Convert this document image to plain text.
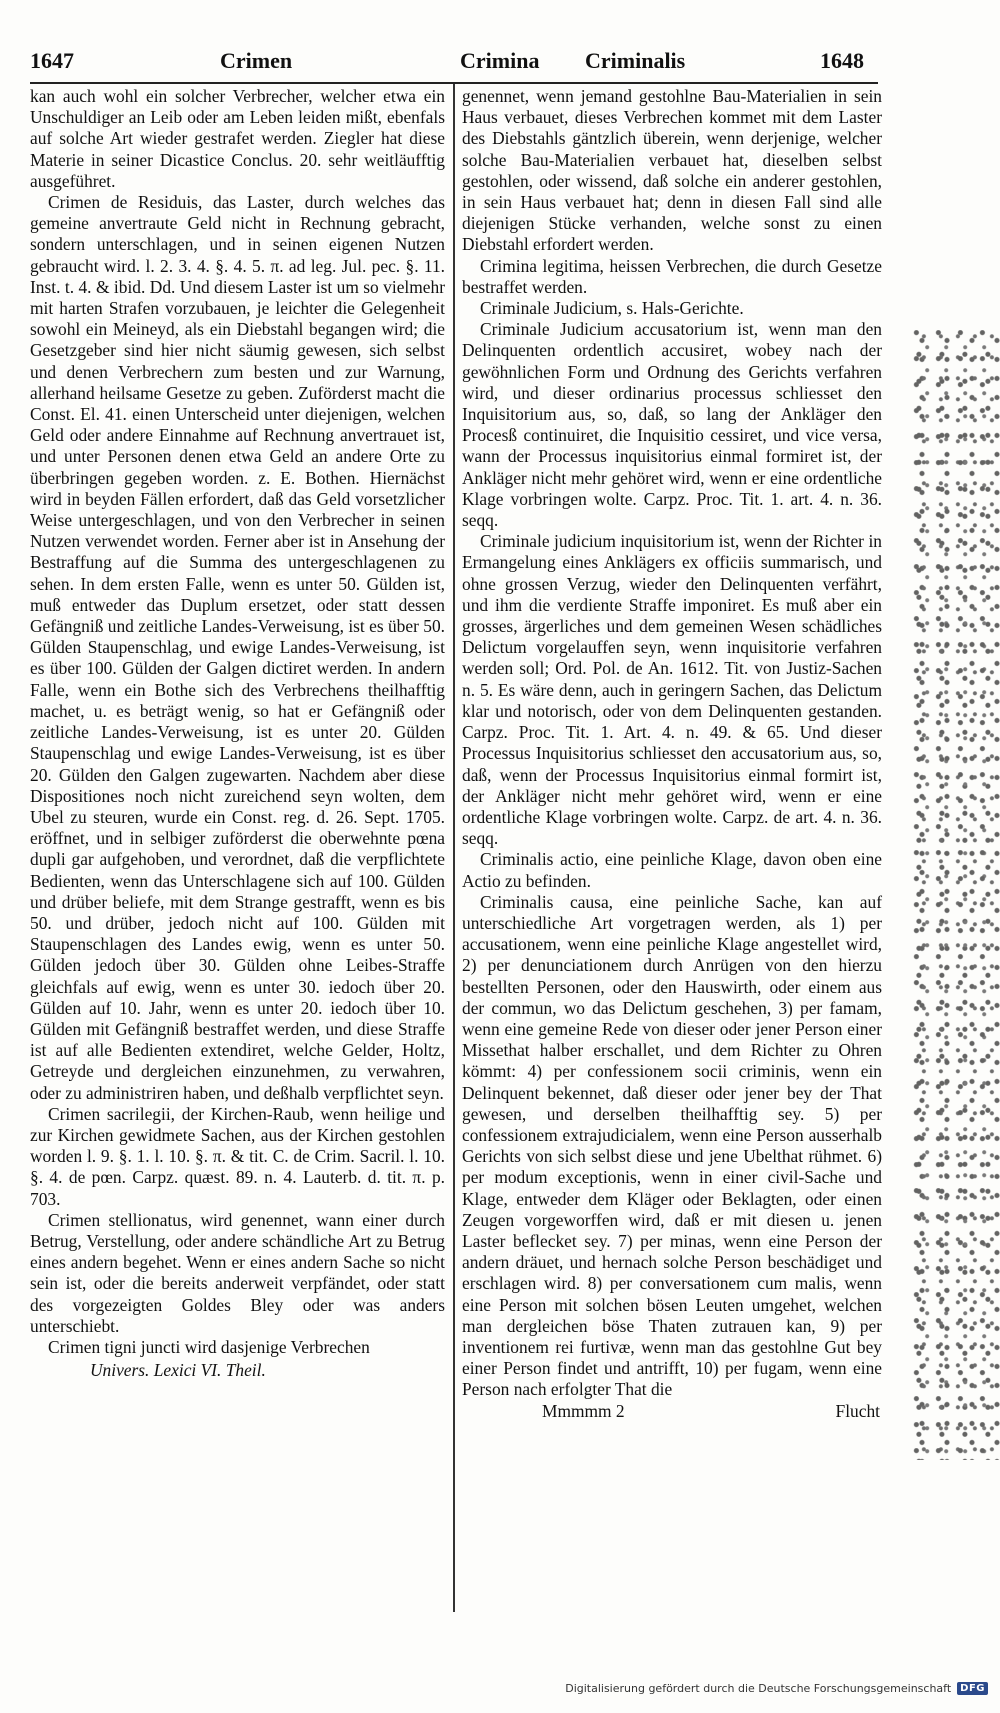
1647	Crimen	Crimina Criminalis	1648

kan auch wohl ein solcher Verbrecher, welcher etwa ein Unschuldiger an Leib oder am Leben leiden mißt, ebenfals auf solche Art wieder gestrafet werden. Ziegler hat diese Materie in seiner Dicastice Conclus. 20. sehr weitläufftig ausgeführet.

Crimen de Residuis, das Laster, durch welches das gemeine anvertraute Geld nicht in Rechnung gebracht, sondern unterschlagen, und in seinen eigenen Nutzen gebraucht wird. l. 2. 3. 4. §. 4. 5. π. ad leg. Jul. pec. §. 11. Inst. t. 4. & ibid. Dd. Und diesem Laster ist um so vielmehr mit harten Strafen vorzubauen, je leichter die Gelegenheit sowohl ein Meineyd, als ein Diebstahl begangen wird; die Gesetzgeber sind hier nicht säumig gewesen, sich selbst und denen Verbrechern zum besten und zur Warnung, allerhand heilsame Gesetze zu geben. Zuförderst macht die Const. El. 41. einen Unterscheid unter diejenigen, welchen Geld oder andere Einnahme auf Rechnung anvertrauet ist, und unter Personen denen etwa Geld an andere Orte zu überbringen gegeben worden. z. E. Bothen. Hiernächst wird in beyden Fällen erfordert, daß das Geld vorsetzlicher Weise untergeschlagen, und von den Verbrecher in seinen Nutzen verwendet worden. Ferner aber ist in Ansehung der Bestraffung auf die Summa des untergeschlagenen zu sehen. In dem ersten Falle, wenn es unter 50. Gülden ist, muß entweder das Duplum ersetzet, oder statt dessen Gefängniß und zeitliche Landes-Verweisung, ist es über 50. Gülden Staupenschlag, und ewige Landes-Verweisung, ist es über 100. Gülden der Galgen dictiret werden. In andern Falle, wenn ein Bothe sich des Verbrechens theilhafftig machet, u. es beträgt wenig, so hat er Gefängniß oder zeitliche Landes-Verweisung, ist es unter 20. Gülden Staupenschlag und ewige Landes-Verweisung, ist es über 20. Gülden den Galgen zugewarten. Nachdem aber diese Dispositiones noch nicht zureichend seyn wolten, dem Ubel zu steuren, wurde ein Const. reg. d. 26. Sept. 1705. eröffnet, und in selbiger zuförderst die oberwehnte pœna dupli gar aufgehoben, und verordnet, daß die verpflichtete Bedienten, wenn das Unterschlagene sich auf 100. Gülden und drüber beliefe, mit dem Strange gestrafft, wenn es bis 50. und drüber, jedoch nicht auf 100. Gülden mit Staupenschlagen des Landes ewig, wenn es unter 50. Gülden jedoch über 30. Gülden ohne Leibes-Straffe gleichfals auf ewig, wenn es unter 30. iedoch über 20. Gülden auf 10. Jahr, wenn es unter 20. iedoch über 10. Gülden mit Gefängniß bestraffet werden, und diese Straffe ist auf alle Bedienten extendiret, welche Gelder, Holtz, Getreyde und dergleichen einzunehmen, zu verwahren, oder zu administriren haben, und deßhalb verpflichtet seyn.

Crimen sacrilegii, der Kirchen-Raub, wenn heilige und zur Kirchen gewidmete Sachen, aus der Kirchen gestohlen worden l. 9. §. 1. l. 10. §. π. & tit. C. de Crim. Sacril. l. 10. §. 4. de pœn. Carpz. quæst. 89. n. 4. Lauterb. d. tit. π. p. 703.

Crimen stellionatus, wird genennet, wann einer durch Betrug, Verstellung, oder andere schändliche Art zu Betrug eines andern begehet. Wenn er eines andern Sache so nicht sein ist, oder die bereits anderweit verpfändet, oder statt des vorgezeigten Goldes Bley oder was anders unterschiebt.

Crimen tigni juncti wird dasjenige Verbrechen

Univers. Lexici VI. Theil.

genennet, wenn jemand gestohlne Bau-Materialien in sein Haus verbauet, dieses Verbrechen kommet mit dem Laster des Diebstahls gäntzlich überein, wenn derjenige, welcher solche Bau-Materialien verbauet hat, dieselben selbst gestohlen, oder wissend, daß solche ein anderer gestohlen, in sein Haus verbauet hat; denn in diesen Fall sind alle diejenigen Stücke verhanden, welche sonst zu einen Diebstahl erfordert werden.

Crimina legitima, heissen Verbrechen, die durch Gesetze bestraffet werden.

Criminale Judicium, s. Hals-Gerichte.

Criminale Judicium accusatorium ist, wenn man den Delinquenten ordentlich accusiret, wobey nach der gewöhnlichen Form und Ordnung des Gerichts verfahren wird, und dieser ordinarius processus schliesset den Inquisitorium aus, so, daß, so lang der Ankläger den Procesß continuiret, die Inquisitio cessiret, und vice versa, wann der Processus inquisitorius einmal formiret ist, der Ankläger nicht mehr gehöret wird, wenn er eine ordentliche Klage vorbringen wolte. Carpz. Proc. Tit. 1. art. 4. n. 36. seqq.

Criminale judicium inquisitorium ist, wenn der Richter in Ermangelung eines Anklägers ex officiis summarisch, und ohne grossen Verzug, wieder den Delinquenten verfährt, und ihm die verdiente Straffe imponiret. Es muß aber ein grosses, ärgerliches und dem gemeinen Wesen schädliches Delictum vorgelauffen seyn, wenn inquisitorie verfahren werden soll; Ord. Pol. de An. 1612. Tit. von Justiz-Sachen n. 5. Es wäre denn, auch in geringern Sachen, das Delictum klar und notorisch, oder von dem Delinquenten gestanden. Carpz. Proc. Tit. 1. Art. 4. n. 49. & 65. Und dieser Processus Inquisitorius schliesset den accusatorium aus, so, daß, wenn der Processus Inquisitorius einmal formirt ist, der Ankläger nicht mehr gehöret wird, wenn er eine ordentliche Klage vorbringen wolte. Carpz. de art. 4. n. 36. seqq.

Criminalis actio, eine peinliche Klage, davon oben eine Actio zu befinden.

Criminalis causa, eine peinliche Sache, kan auf unterschiedliche Art vorgetragen werden, als 1) per accusationem, wenn eine peinliche Klage angestellet wird, 2) per denunciationem durch Anrügen von den hierzu bestellten Personen, oder den Hauswirth, oder einem aus der commun, wo das Delictum geschehen, 3) per famam, wenn eine gemeine Rede von dieser oder jener Person einer Missethat halber erschallet, und dem Richter zu Ohren kömmt: 4) per confessionem socii criminis, wenn ein Delinquent bekennet, daß dieser oder jener bey der That gewesen, und derselben theilhafftig sey. 5) per confessionem extrajudicialem, wenn eine Person ausserhalb Gerichts von sich selbst diese und jene Ubelthat rühmet. 6) per modum exceptionis, wenn in einer civil-Sache und Klage, entweder dem Kläger oder Beklagten, oder einen Zeugen vorgeworffen wird, daß er mit diesen u. jenen Laster beflecket sey. 7) per minas, wenn eine Person der andern dräuet, und hernach solche Person beschädiget und erschlagen wird. 8) per conversationem cum malis, wenn eine Person mit solchen bösen Leuten umgehet, welchen man dergleichen böse Thaten zutrauen kan, 9) per inventionem rei furtivæ, wenn man das gestohlne Gut bey einer Person findet und antrifft, 10) per fugam, wenn eine Person nach erfolgter That die

Mmmmm 2	Flucht
Digitalisierung gefördert durch die Deutsche Forschungsgemeinschaft DFG
